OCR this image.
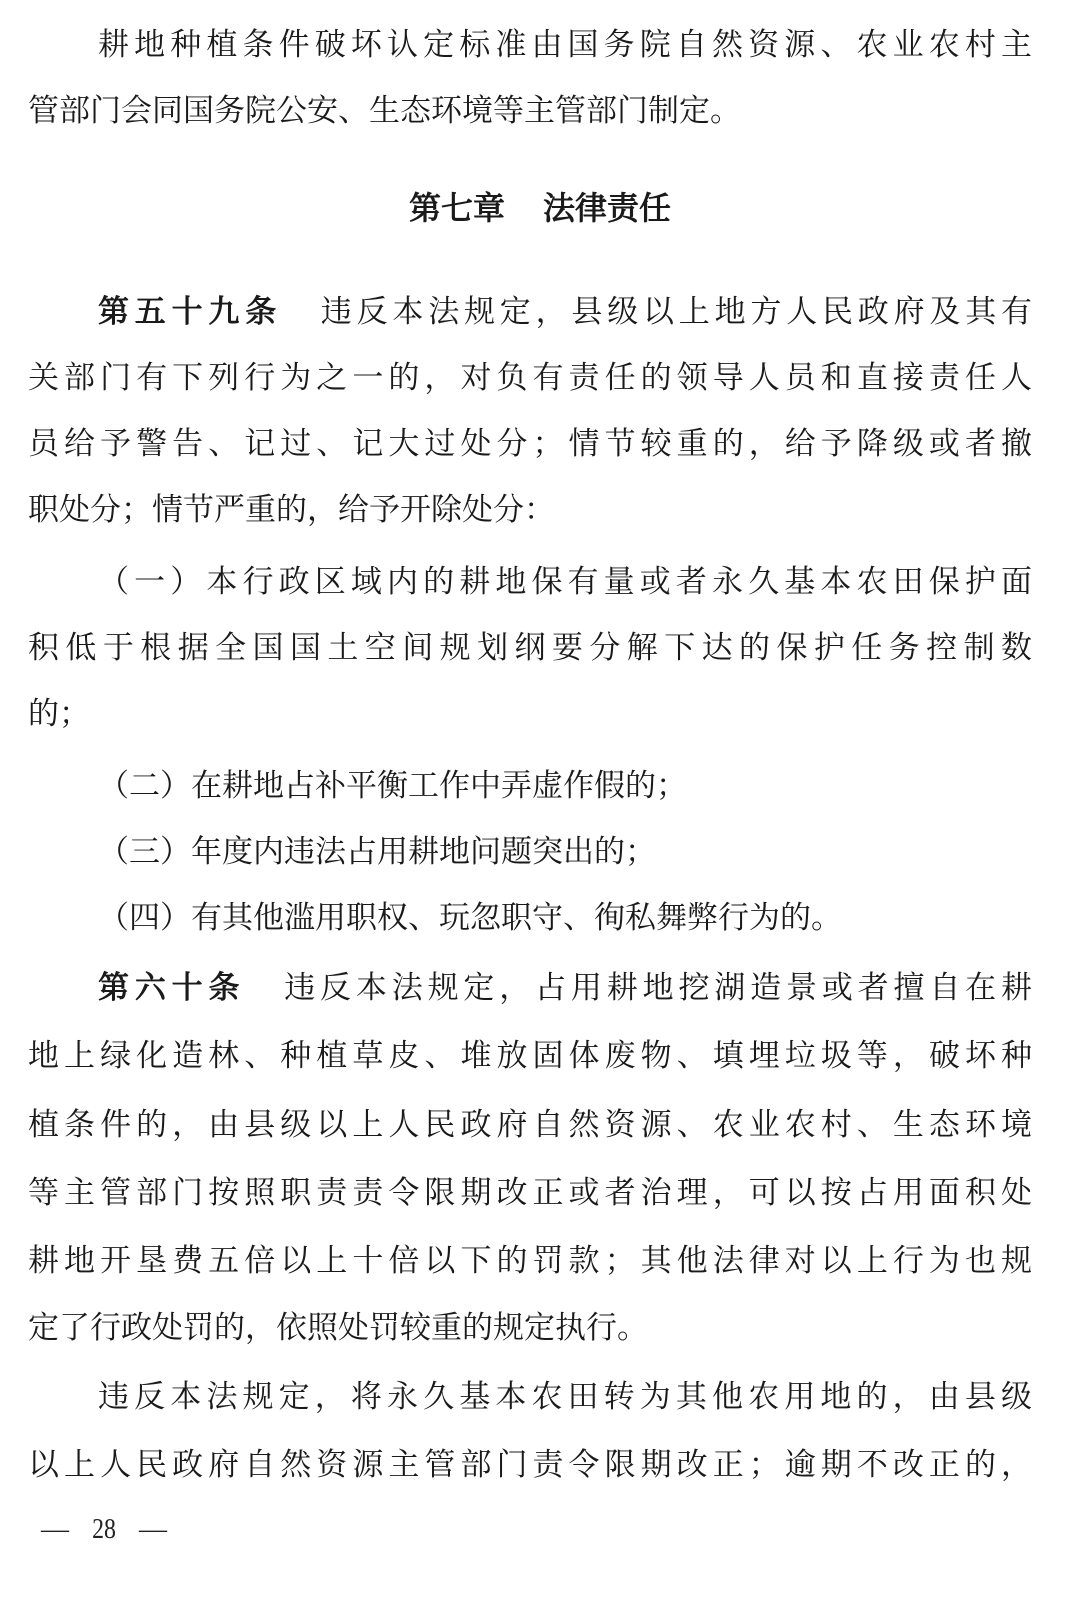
耕地种植条件破坏认定标准由国务院自然资源、农业农村主
管部门会同国务院公安、生态环境等主管部门制定。
第七章 法律责任
第五十九条 违反本法规定，县级以上地方人民政府及其有
关部门有下列行为之一的，对负有责任的领导人员和直接责任人
员给予警告、记过、记大过处分；情节较重的，给予降级或者撤
职处分；情节严重的，给予开除处分：
（一）本行政区域内的耕地保有量或者永久基本农田保护面
积低于根据全国国土空间规划纲要分解下达的保护任务控制数
的；
（二）在耕地占补平衡工作中弄虚作假的；
（三）年度内违法占用耕地问题突出的；
（四）有其他滥用职权、玩忽职守、徇私舞弊行为的。
第六十条 违反本法规定，占用耕地挖湖造景或者擅自在耕
地上绿化造林、种植草皮、堆放固体废物、填埋垃圾等，破坏种
植条件的，由县级以上人民政府自然资源、农业农村、生态环境
等主管部门按照职责责令限期改正或者治理，可以按占用面积处
耕地开垦费五倍以上十倍以下的罚款；其他法律对以上行为也规
定了行政处罚的，依照处罚较重的规定执行。
违反本法规定，将永久基本农田转为其他农用地的，由县级
以上人民政府自然资源主管部门责令限期改正；逾期不改正的，
— 28 —
